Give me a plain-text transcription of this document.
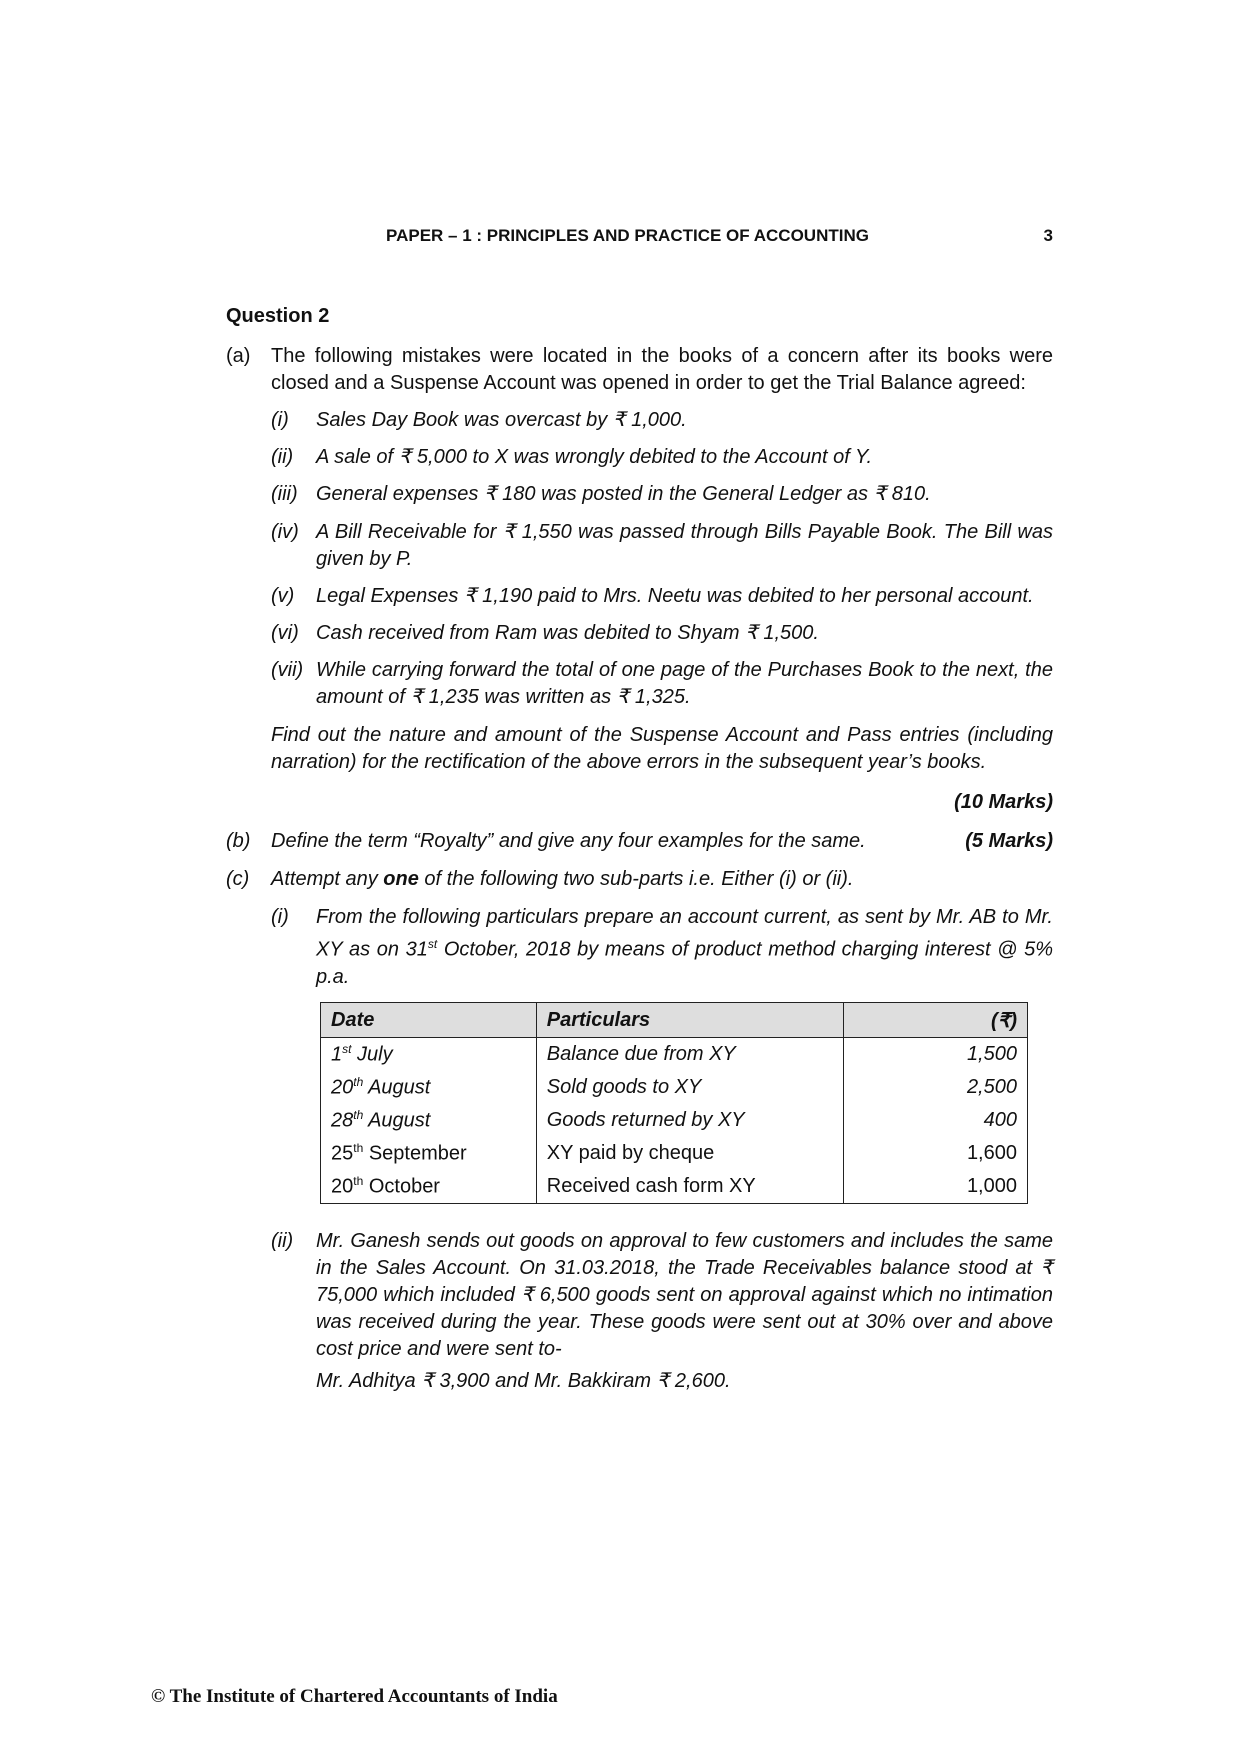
PAPER – 1 : PRINCIPLES AND PRACTICE OF ACCOUNTING	3
Question 2
(a) The following mistakes were located in the books of a concern after its books were closed and a Suspense Account was opened in order to get the Trial Balance agreed:
(i) Sales Day Book was overcast by ₹ 1,000.
(ii) A sale of ₹ 5,000 to X was wrongly debited to the Account of Y.
(iii) General expenses ₹ 180 was posted in the General Ledger as ₹ 810.
(iv) A Bill Receivable for ₹ 1,550 was passed through Bills Payable Book. The Bill was given by P.
(v) Legal Expenses ₹ 1,190 paid to Mrs. Neetu was debited to her personal account.
(vi) Cash received from Ram was debited to Shyam ₹ 1,500.
(vii) While carrying forward the total of one page of the Purchases Book to the next, the amount of ₹ 1,235 was written as ₹ 1,325.
Find out the nature and amount of the Suspense Account and Pass entries (including narration) for the rectification of the above errors in the subsequent year’s books.
(10 Marks)
(b) Define the term “Royalty” and give any four examples for the same.	(5 Marks)
(c) Attempt any one of the following two sub-parts i.e. Either (i) or (ii).
(i) From the following particulars prepare an account current, as sent by Mr. AB to Mr. XY as on 31st October, 2018 by means of product method charging interest @ 5% p.a.
Date	Particulars	(₹)
1st July	Balance due from XY	1,500
20th August	Sold goods to XY	2,500
28th August	Goods returned by XY	400
25th September	XY paid by cheque	1,600
20th October	Received cash form XY	1,000
(ii) Mr. Ganesh sends out goods on approval to few customers and includes the same in the Sales Account. On 31.03.2018, the Trade Receivables balance stood at ₹ 75,000 which included ₹ 6,500 goods sent on approval against which no intimation was received during the year. These goods were sent out at 30% over and above cost price and were sent to-
Mr. Adhitya ₹ 3,900 and Mr. Bakkiram ₹ 2,600.
© The Institute of Chartered Accountants of India
